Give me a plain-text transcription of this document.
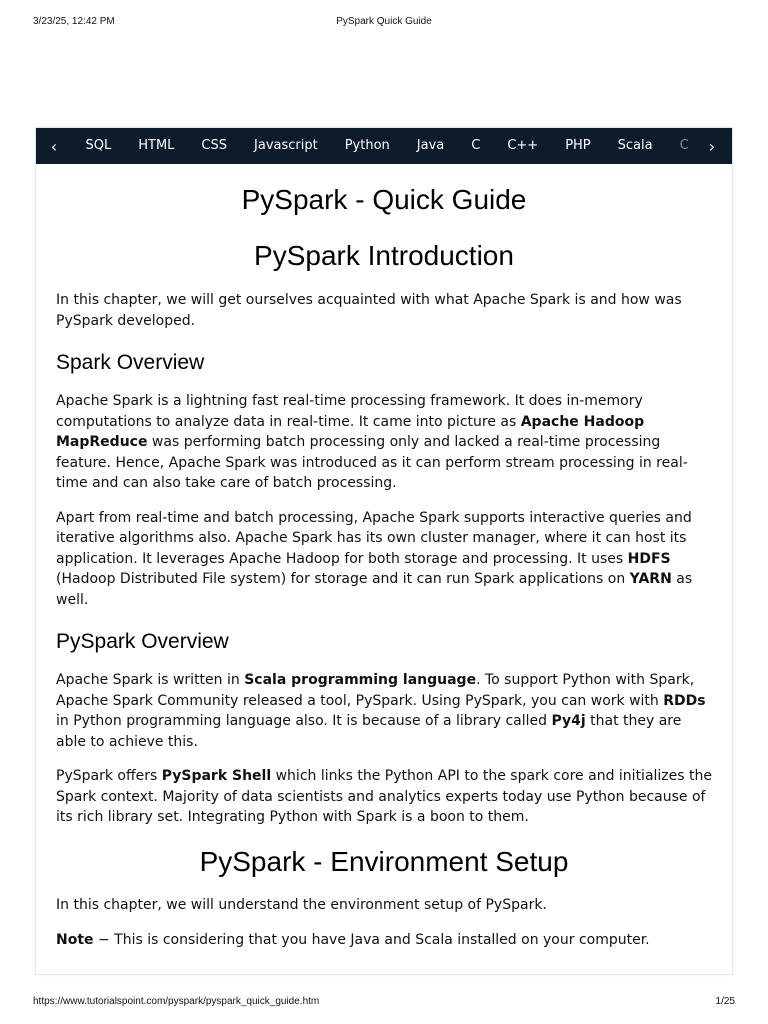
3/23/25, 12:42 PM	PySpark Quick Guide
‹	SQL	HTML	CSS	Javascript	Python	Java	C	C++	PHP	Scala	C	›
PySpark - Quick Guide
PySpark Introduction

In this chapter, we will get ourselves acquainted with what Apache Spark is and how was PySpark developed.

Spark Overview

Apache Spark is a lightning fast real-time processing framework. It does in-memory computations to analyze data in real-time. It came into picture as Apache Hadoop MapReduce was performing batch processing only and lacked a real-time processing feature. Hence, Apache Spark was introduced as it can perform stream processing in real-time and can also take care of batch processing.

Apart from real-time and batch processing, Apache Spark supports interactive queries and iterative algorithms also. Apache Spark has its own cluster manager, where it can host its application. It leverages Apache Hadoop for both storage and processing. It uses HDFS (Hadoop Distributed File system) for storage and it can run Spark applications on YARN as well.

PySpark Overview

Apache Spark is written in Scala programming language. To support Python with Spark, Apache Spark Community released a tool, PySpark. Using PySpark, you can work with RDDs in Python programming language also. It is because of a library called Py4j that they are able to achieve this.

PySpark offers PySpark Shell which links the Python API to the spark core and initializes the Spark context. Majority of data scientists and analytics experts today use Python because of its rich library set. Integrating Python with Spark is a boon to them.

PySpark - Environment Setup

In this chapter, we will understand the environment setup of PySpark.

Note − This is considering that you have Java and Scala installed on your computer.

https://www.tutorialspoint.com/pyspark/pyspark_quick_guide.htm	1/25
